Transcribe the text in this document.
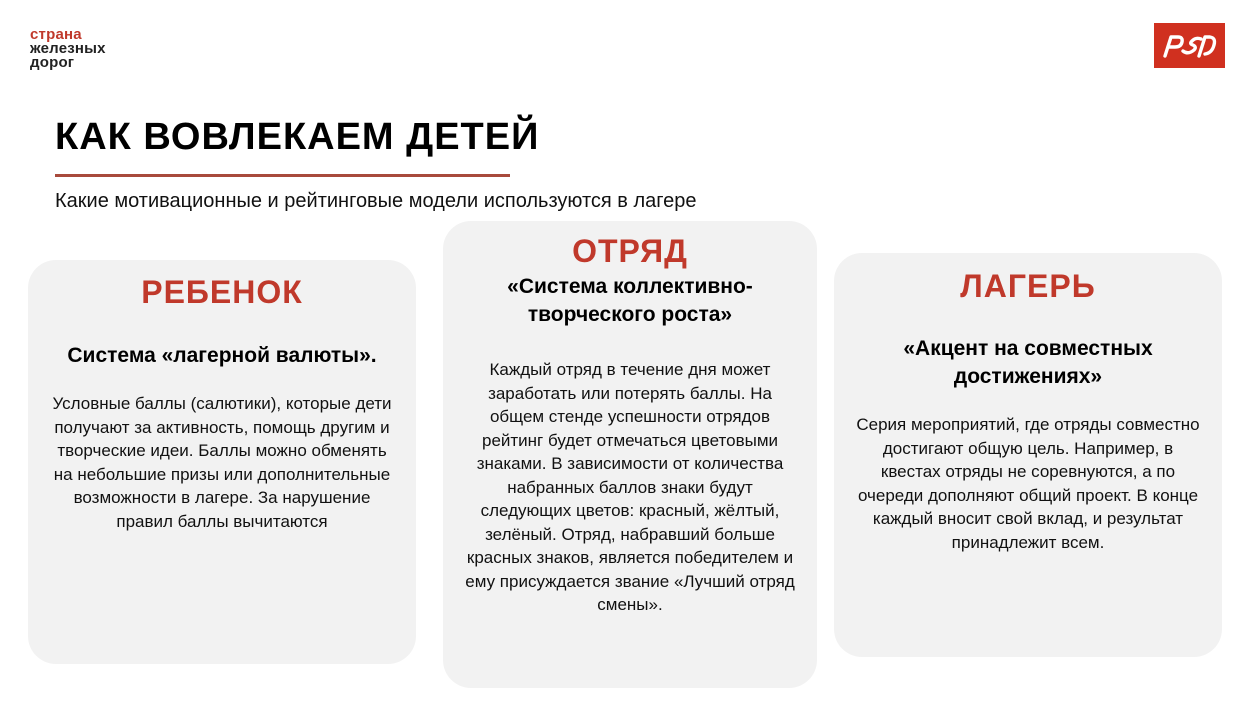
страна
железных
дорог
КАК ВОВЛЕКАЕМ ДЕТЕЙ
Какие мотивационные и рейтинговые модели используются в лагере
РЕБЕНОК
Система «лагерной валюты».
Условные баллы (салютики), которые дети получают за активность, помощь другим и творческие идеи. Баллы можно обменять на небольшие призы или дополнительные возможности в лагере. За нарушение правил баллы вычитаются
ОТРЯД
«Система коллективно-творческого роста»
Каждый отряд в течение дня может заработать или потерять баллы. На общем стенде успешности отрядов рейтинг будет отмечаться цветовыми знаками. В зависимости от количества набранных баллов знаки будут следующих цветов: красный, жёлтый, зелёный. Отряд, набравший больше красных знаков, является победителем и ему присуждается звание «Лучший отряд смены».
ЛАГЕРЬ
«Акцент на совместных достижениях»
Серия мероприятий, где отряды совместно достигают общую цель. Например, в квестах отряды не соревнуются, а по очереди дополняют общий проект. В конце каждый вносит свой вклад, и результат принадлежит всем.
